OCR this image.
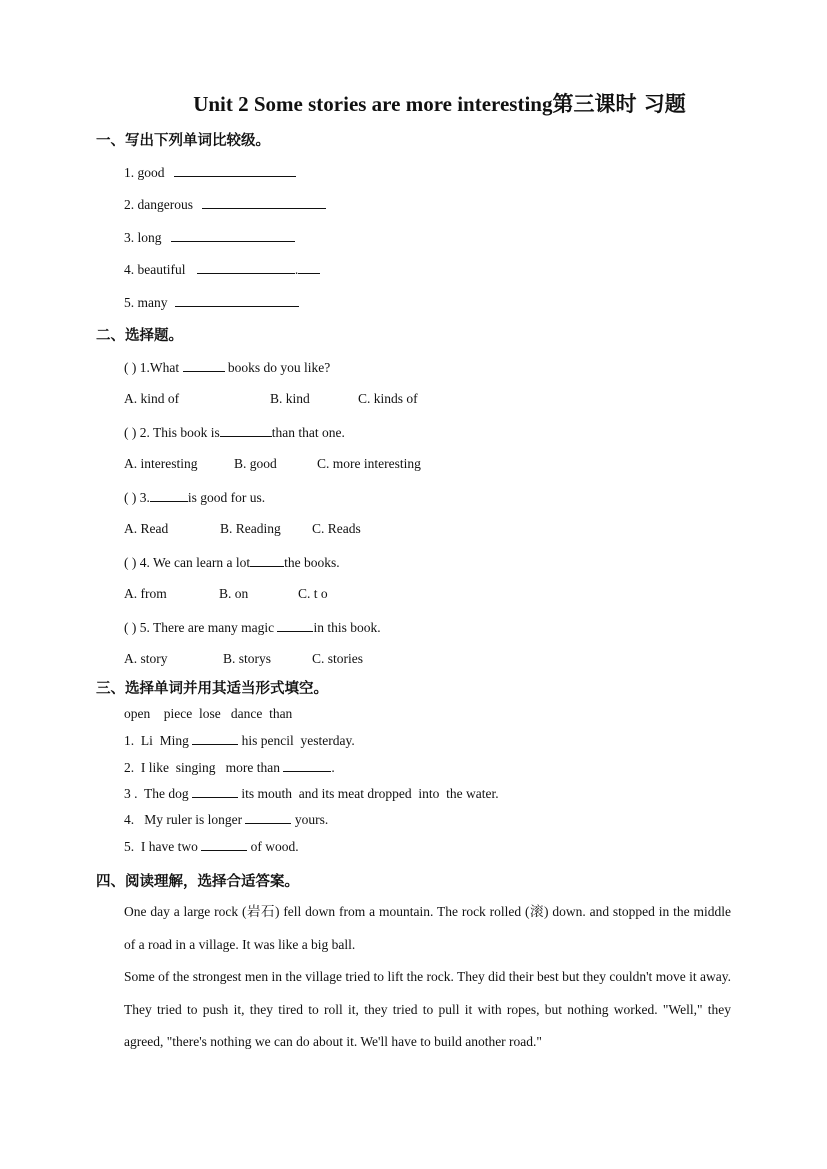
Unit 2 Some stories are more interesting第三课时 习题
一、写出下列单词比较级。
1. good
2. dangerous
3. long
4. beautiful	.
5. many
二、选择题。
( ) 1.What	books do you like?
A. kind of	B. kind	C. kinds of
( ) 2. This book is	than that one.
A. interesting	B. good	C. more interesting
( ) 3.	is good for us.
A. Read	B. Reading C. Reads
( ) 4. We can learn a lot	the books.
A. from	B. on	C. t o
( ) 5. There are many magic	in this book.
A. story	B. storys	C. stories
三、选择单词并用其适当形式填空。
open    piece  lose   dance  than
1.  Li  Ming	his pencil  yesterday.
2.  I like  singing   more than	.
3 .  The dog	its mouth  and its meat dropped  into  the water.
4.   My ruler is longer	yours.
5.  I have two	of wood.
四、阅读理解，选择合适答案。
One day a large rock (岩石) fell down from a mountain. The rock rolled (滚) down. and stopped in the middle of a road in a village. It was like a big ball.
Some of the strongest men in the village tried to lift the rock. They did their best but they couldn't move it away. They tried to push it, they tired to roll it, they tried to pull it with ropes, but nothing worked. "Well," they agreed, "there's nothing we can do about it. We'll have to build another road."
